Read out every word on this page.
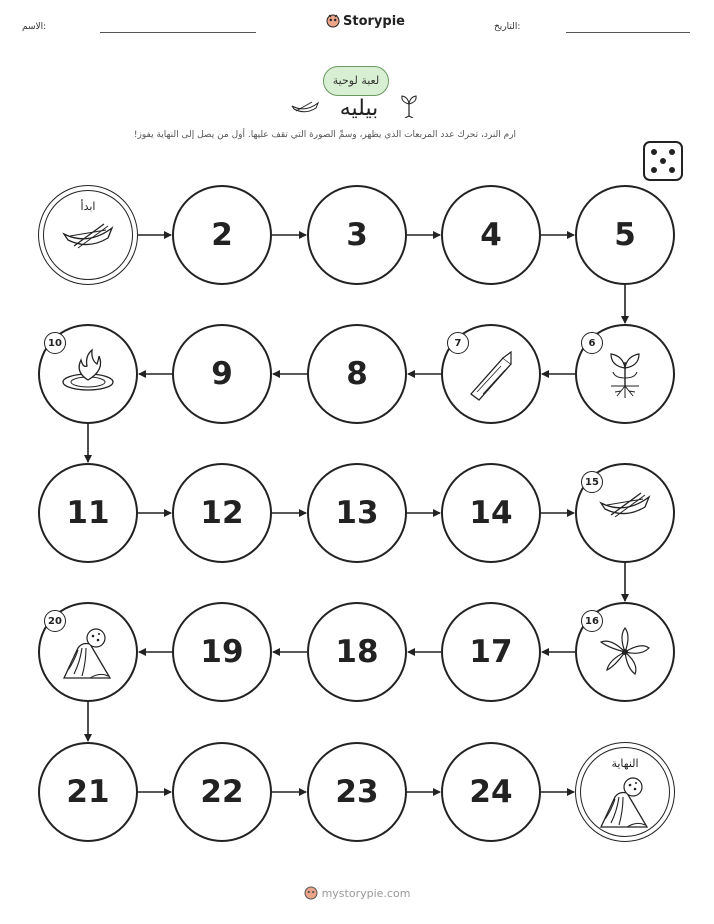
الاسم:	Storypie	التاريخ:
لعبة لوحية
بيليه
ارم النرد، تحرك عدد المربعات الذي يظهر، وسمِّ الصورة التي تقف عليها. أول من يصل إلى النهاية يفوز!
النهاية
24
23
22
21
19	18	17
14
13
12
11
9	8
5
4
3
2
ابدأ
6
7
10
15
16
20
mystorypie.com
